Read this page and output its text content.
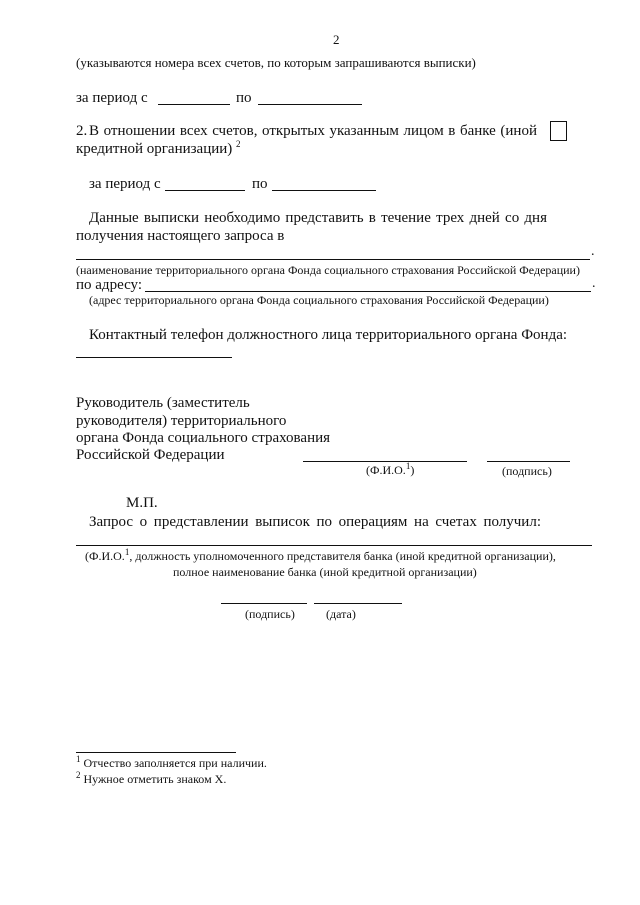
2
(указываются номера всех счетов, по которым запрашиваются выписки)
за период с	по
2. В отношении всех счетов, открытых указанным лицом в банке (иной
кредитной организации) $^2$
за период с	по
Данные выписки необходимо представить в течение трех дней со дня
получения настоящего запроса в
.
(наименование территориального органа Фонда социального страхования Российской Федерации)
по адресу:	.
(адрес территориального органа Фонда социального страхования Российской Федерации)
Контактный телефон должностного лица территориального органа Фонда:
Руководитель (заместитель
руководителя) территориального
органа Фонда социального страхования
Российской Федерации
(Ф.И.О.$^1$)	(подпись)
М.П.
Запрос о представлении выписок по операциям на счетах получил:
(Ф.И.О.$^1$, должность уполномоченного представителя банка (иной кредитной организации),
полное наименование банка (иной кредитной организации)
(подпись)	(дата)
$^1$ Отчество заполняется при наличии.
$^2$ Нужное отметить знаком Х.
